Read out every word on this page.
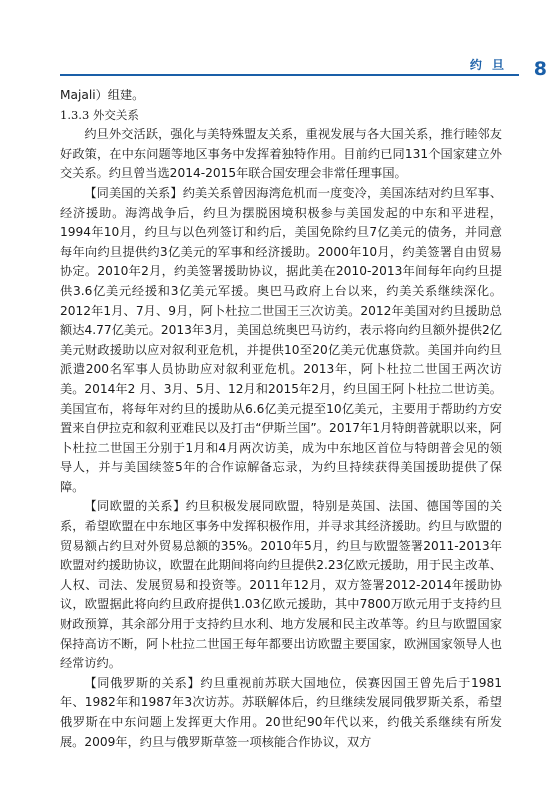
约 旦 8

Majali）组建。

1.3.3 外交关系

约旦外交活跃，强化与美特殊盟友关系，重视发展与各大国关系，推行睦邻友好政策，在中东问题等地区事务中发挥着独特作用。目前约已同131个国家建立外交关系。约旦曾当选2014-2015年联合国安理会非常任理事国。

【同美国的关系】约美关系曾因海湾危机而一度变冷，美国冻结对约旦军事、经济援助。海湾战争后，约旦为摆脱困境积极参与美国发起的中东和平进程，1994年10月，约旦与以色列签订和约后，美国免除约旦7亿美元的债务，并同意每年向约旦提供约3亿美元的军事和经济援助。2000年10月，约美签署自由贸易协定。2010年2月，约美签署援助协议，据此美在2010-2013年间每年向约旦提供3.6亿美元经援和3亿美元军援。奥巴马政府上台以来，约美关系继续深化。2012年1月、7月、9月，阿卜杜拉二世国王三次访美。2012年美国对约旦援助总额达4.77亿美元。2013年3月，美国总统奥巴马访约，表示将向约旦额外提供2亿美元财政援助以应对叙利亚危机，并提供10至20亿美元优惠贷款。美国并向约旦派遣200名军事人员协助应对叙利亚危机。2013年，阿卜杜拉二世国王两次访美。2014年2 月、3月、5月、12月和2015年2月，约旦国王阿卜杜拉二世访美。美国宣布，将每年对约旦的援助从6.6亿美元提至10亿美元，主要用于帮助约方安置来自伊拉克和叙利亚难民以及打击“伊斯兰国”。2017年1月特朗普就职以来，阿卜杜拉二世国王分别于1月和4月两次访美，成为中东地区首位与特朗普会见的领导人，并与美国续签5年的合作谅解备忘录，为约旦持续获得美国援助提供了保障。

【同欧盟的关系】约旦积极发展同欧盟，特别是英国、法国、德国等国的关系，希望欧盟在中东地区事务中发挥积极作用，并寻求其经济援助。约旦与欧盟的贸易额占约旦对外贸易总额的35%。2010年5月，约旦与欧盟签署2011-2013年欧盟对约援助协议，欧盟在此期间将向约旦提供2.23亿欧元援助，用于民主改革、人权、司法、发展贸易和投资等。2011年12月，双方签署2012-2014年援助协议，欧盟据此将向约旦政府提供1.03亿欧元援助，其中7800万欧元用于支持约旦财政预算，其余部分用于支持约旦水利、地方发展和民主改革等。约旦与欧盟国家保持高访不断，阿卜杜拉二世国王每年都要出访欧盟主要国家，欧洲国家领导人也经常访约。

【同俄罗斯的关系】约旦重视前苏联大国地位，侯赛因国王曾先后于1981年、1982年和1987年3次访苏。苏联解体后，约旦继续发展同俄罗斯关系，希望俄罗斯在中东问题上发挥更大作用。20世纪90年代以来，约俄关系继续有所发展。2009年，约旦与俄罗斯草签一项核能合作协议，双方
